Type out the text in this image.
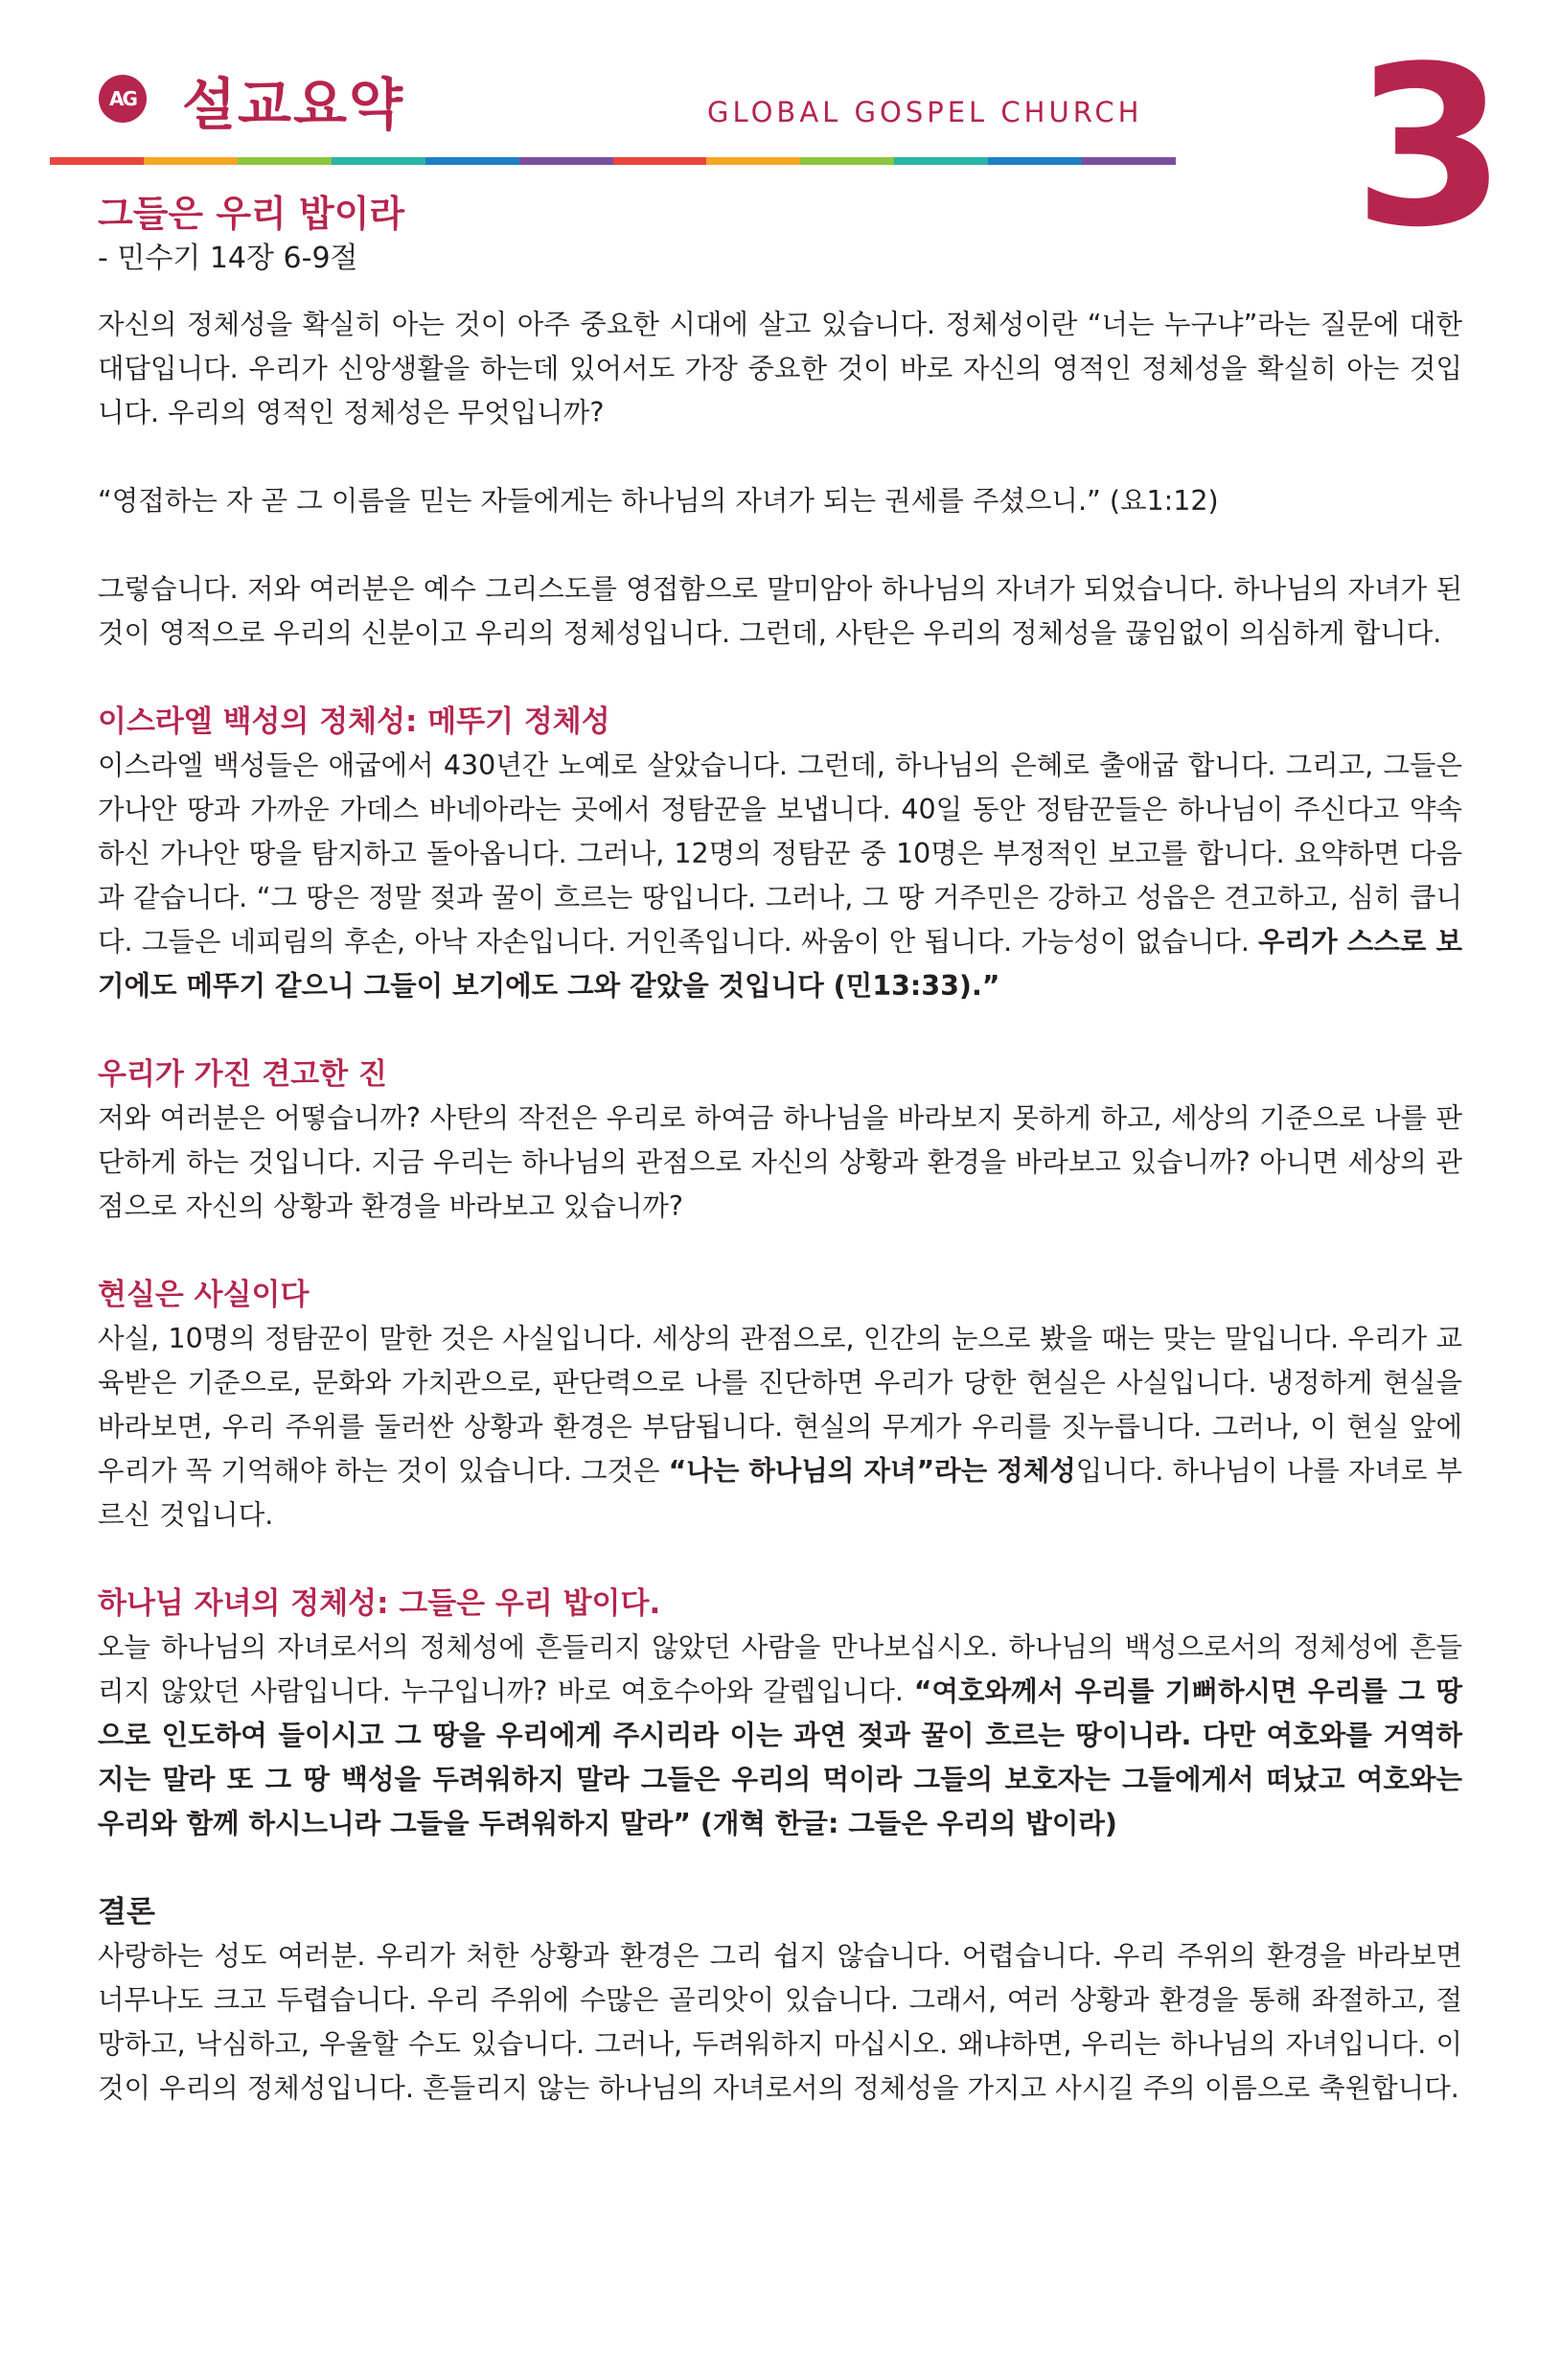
AG 설교요약	GLOBAL GOSPEL CHURCH 3
그들은 우리 밥이라
- 민수기 14장 6-9절

자신의 정체성을 확실히 아는 것이 아주 중요한 시대에 살고 있습니다. 정체성이란 “너는 누구냐”라는 질문에 대한 대답입니다. 우리가 신앙생활을 하는데 있어서도 가장 중요한 것이 바로 자신의 영적인 정체성을 확실히 아는 것입니다. 우리의 영적인 정체성은 무엇입니까?

“영접하는 자 곧 그 이름을 믿는 자들에게는 하나님의 자녀가 되는 권세를 주셨으니.” (요1:12)

그렇습니다. 저와 여러분은 예수 그리스도를 영접함으로 말미암아 하나님의 자녀가 되었습니다. 하나님의 자녀가 된 것이 영적으로 우리의 신분이고 우리의 정체성입니다. 그런데, 사탄은 우리의 정체성을 끊임없이 의심하게 합니다.

이스라엘 백성의 정체성: 메뚜기 정체성

이스라엘 백성들은 애굽에서 430년간 노예로 살았습니다. 그런데, 하나님의 은혜로 출애굽 합니다. 그리고, 그들은 가나안 땅과 가까운 가데스 바네아라는 곳에서 정탐꾼을 보냅니다. 40일 동안 정탐꾼들은 하나님이 주신다고 약속하신 가나안 땅을 탐지하고 돌아옵니다. 그러나, 12명의 정탐꾼 중 10명은 부정적인 보고를 합니다. 요약하면 다음과 같습니다. “그 땅은 정말 젖과 꿀이 흐르는 땅입니다. 그러나, 그 땅 거주민은 강하고 성읍은 견고하고, 심히 큽니다. 그들은 네피림의 후손, 아낙 자손입니다. 거인족입니다. 싸움이 안 됩니다. 가능성이 없습니다. 우리가 스스로 보기에도 메뚜기 같으니 그들이 보기에도 그와 같았을 것입니다 (민13:33).”

우리가 가진 견고한 진

저와 여러분은 어떻습니까? 사탄의 작전은 우리로 하여금 하나님을 바라보지 못하게 하고, 세상의 기준으로 나를 판단하게 하는 것입니다. 지금 우리는 하나님의 관점으로 자신의 상황과 환경을 바라보고 있습니까? 아니면 세상의 관점으로 자신의 상황과 환경을 바라보고 있습니까?

현실은 사실이다

사실, 10명의 정탐꾼이 말한 것은 사실입니다. 세상의 관점으로, 인간의 눈으로 봤을 때는 맞는 말입니다. 우리가 교육받은 기준으로, 문화와 가치관으로, 판단력으로 나를 진단하면 우리가 당한 현실은 사실입니다. 냉정하게 현실을 바라보면, 우리 주위를 둘러싼 상황과 환경은 부담됩니다. 현실의 무게가 우리를 짓누릅니다. 그러나, 이 현실 앞에 우리가 꼭 기억해야 하는 것이 있습니다. 그것은 “나는 하나님의 자녀”라는 정체성입니다. 하나님이 나를 자녀로 부르신 것입니다.

하나님 자녀의 정체성: 그들은 우리 밥이다.

오늘 하나님의 자녀로서의 정체성에 흔들리지 않았던 사람을 만나보십시오. 하나님의 백성으로서의 정체성에 흔들리지 않았던 사람입니다. 누구입니까? 바로 여호수아와 갈렙입니다. “여호와께서 우리를 기뻐하시면 우리를 그 땅으로 인도하여 들이시고 그 땅을 우리에게 주시리라 이는 과연 젖과 꿀이 흐르는 땅이니라. 다만 여호와를 거역하지는 말라 또 그 땅 백성을 두려워하지 말라 그들은 우리의 먹이라 그들의 보호자는 그들에게서 떠났고 여호와는 우리와 함께 하시느니라 그들을 두려워하지 말라” (개혁 한글: 그들은 우리의 밥이라)

결론

사랑하는 성도 여러분. 우리가 처한 상황과 환경은 그리 쉽지 않습니다. 어렵습니다. 우리 주위의 환경을 바라보면 너무나도 크고 두렵습니다. 우리 주위에 수많은 골리앗이 있습니다. 그래서, 여러 상황과 환경을 통해 좌절하고, 절망하고, 낙심하고, 우울할 수도 있습니다. 그러나, 두려워하지 마십시오. 왜냐하면, 우리는 하나님의 자녀입니다. 이것이 우리의 정체성입니다. 흔들리지 않는 하나님의 자녀로서의 정체성을 가지고 사시길 주의 이름으로 축원합니다.
